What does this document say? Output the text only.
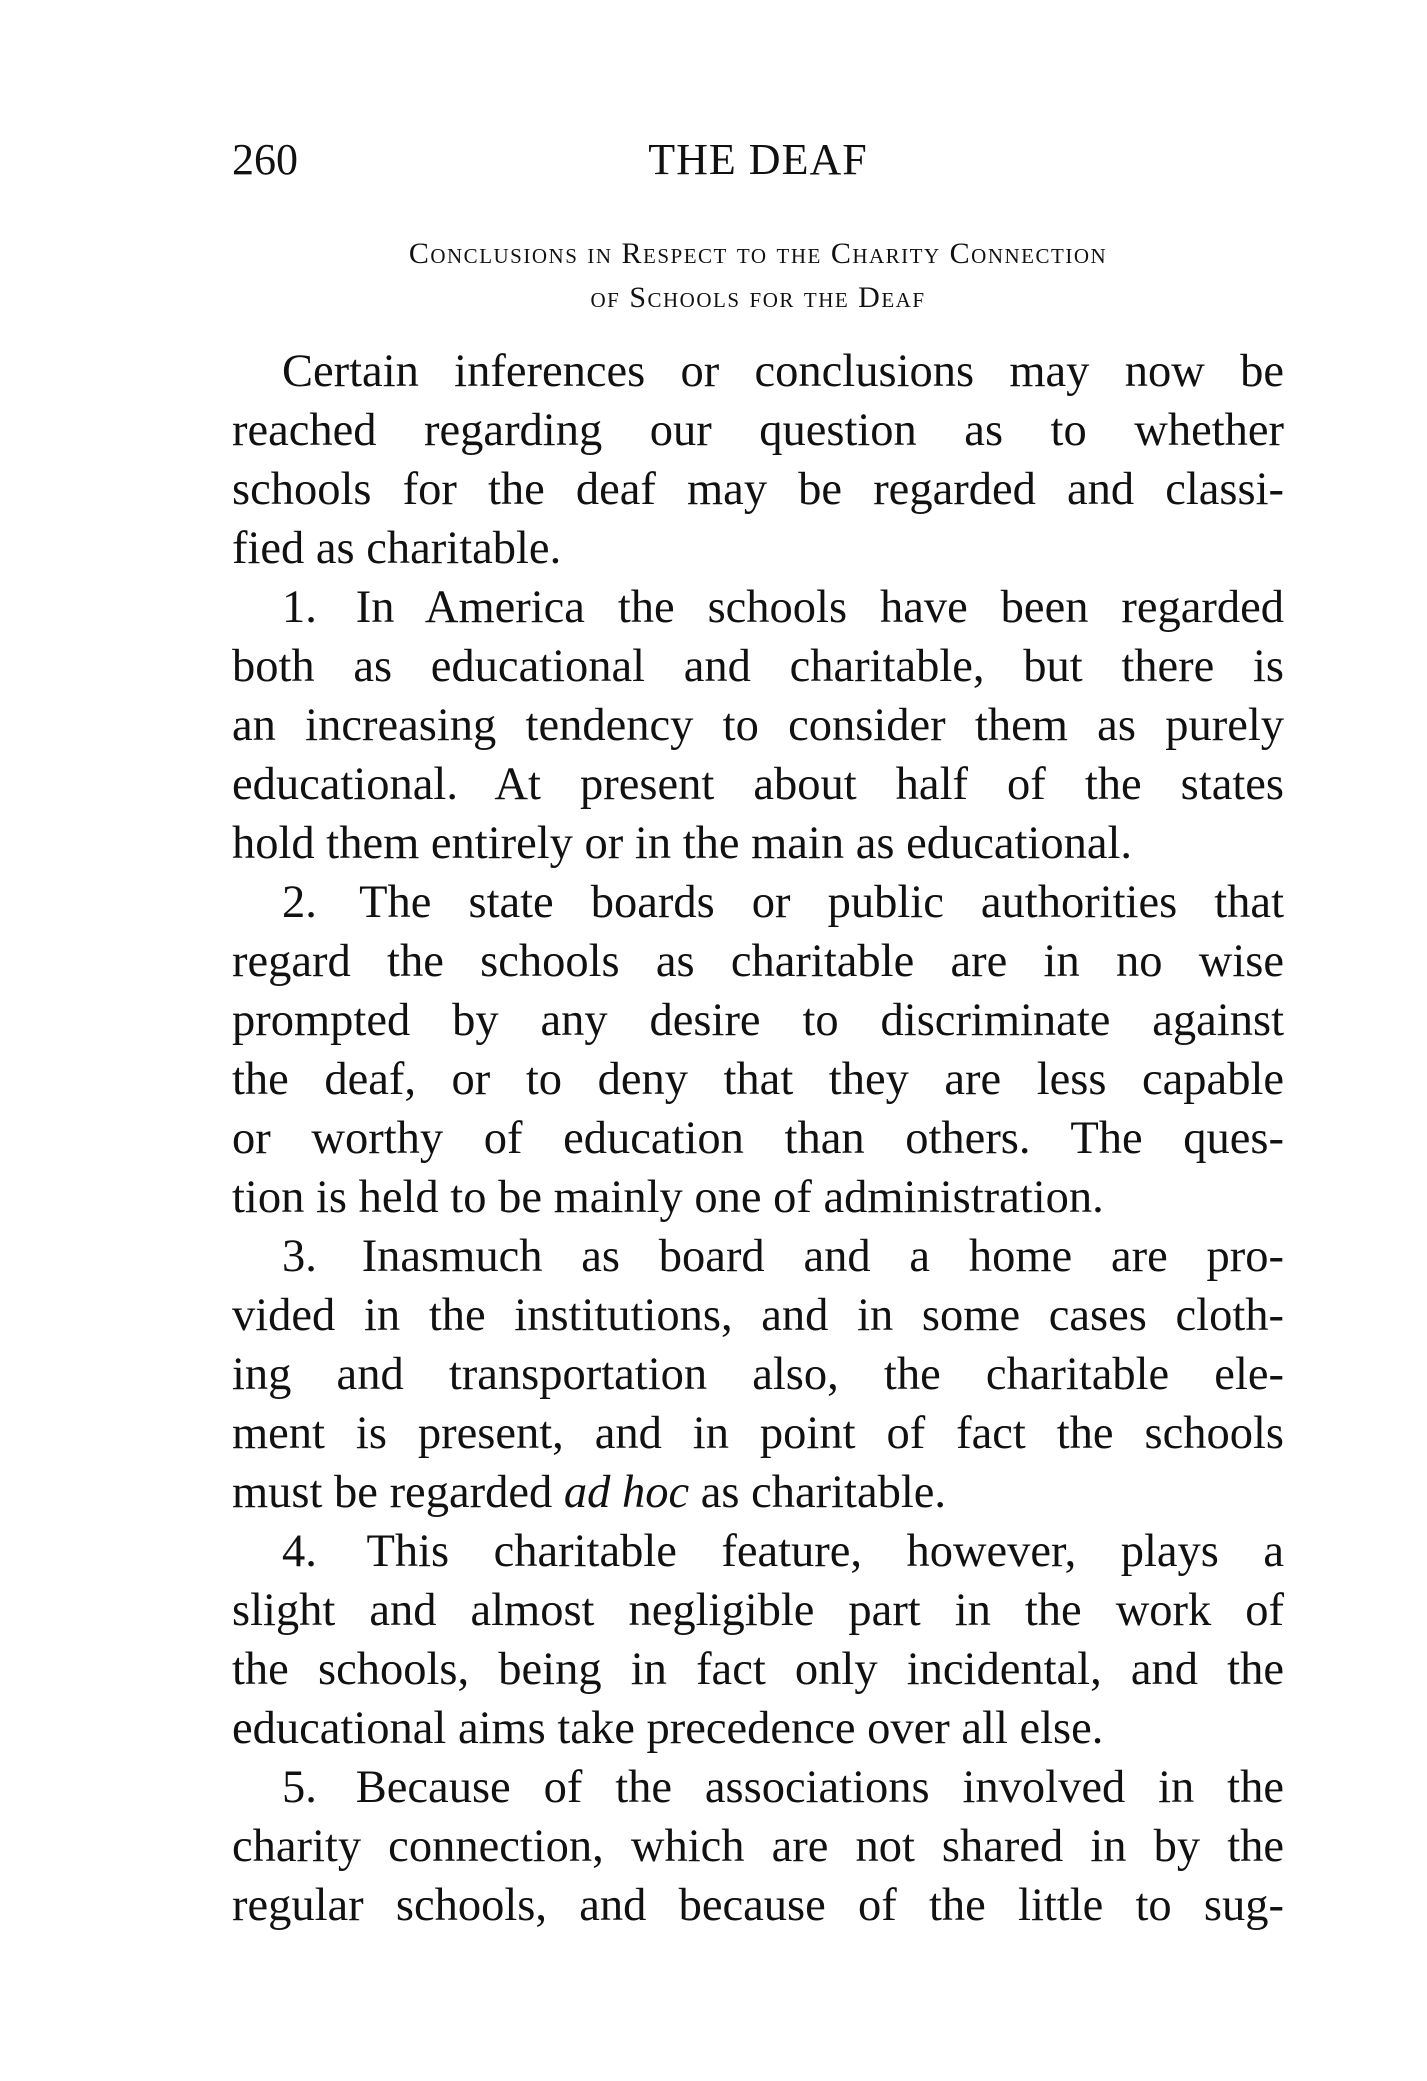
260	THE DEAF
Conclusions in Respect to the Charity Connection
of Schools for the Deaf

Certain inferences or conclusions may now be
reached regarding our question as to whether
schools for the deaf may be regarded and classi-
fied as charitable.

1. In America the schools have been regarded
both as educational and charitable, but there is
an increasing tendency to consider them as purely
educational. At present about half of the states
hold them entirely or in the main as educational.

2. The state boards or public authorities that
regard the schools as charitable are in no wise
prompted by any desire to discriminate against
the deaf, or to deny that they are less capable
or worthy of education than others. The ques-
tion is held to be mainly one of administration.

3. Inasmuch as board and a home are pro-
vided in the institutions, and in some cases cloth-
ing and transportation also, the charitable ele-
ment is present, and in point of fact the schools
must be regarded ad hoc as charitable.

4. This charitable feature, however, plays a
slight and almost negligible part in the work of
the schools, being in fact only incidental, and the
educational aims take precedence over all else.

5. Because of the associations involved in the
charity connection, which are not shared in by the
regular schools, and because of the little to sug-
